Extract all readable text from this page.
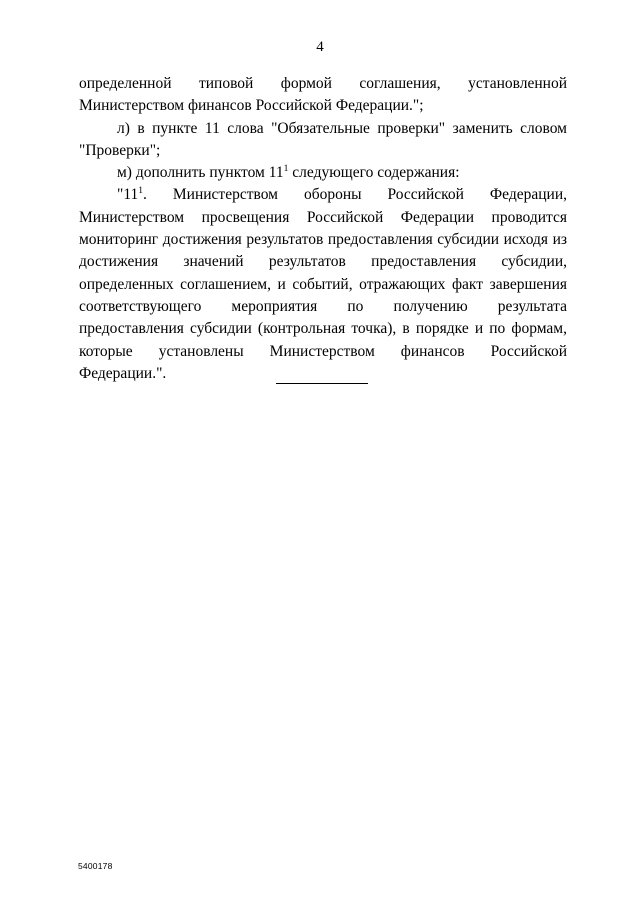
4

определенной типовой формой соглашения, установленной

Министерством финансов Российской Федерации.";

л) в пункте 11 слова "Обязательные проверки" заменить словом "Проверки";

м) дополнить пунктом $11^1$ следующего содержания:

"$11^1$. Министерством обороны Российской Федерации, Министерством просвещения Российской Федерации проводится мониторинг достижения результатов предоставления субсидии исходя из достижения значений результатов предоставления субсидии, определенных соглашением, и событий, отражающих факт завершения соответствующего мероприятия по получению результата предоставления субсидии (контрольная точка), в порядке и по формам, которые установлены Министерством финансов Российской Федерации.".

5400178
